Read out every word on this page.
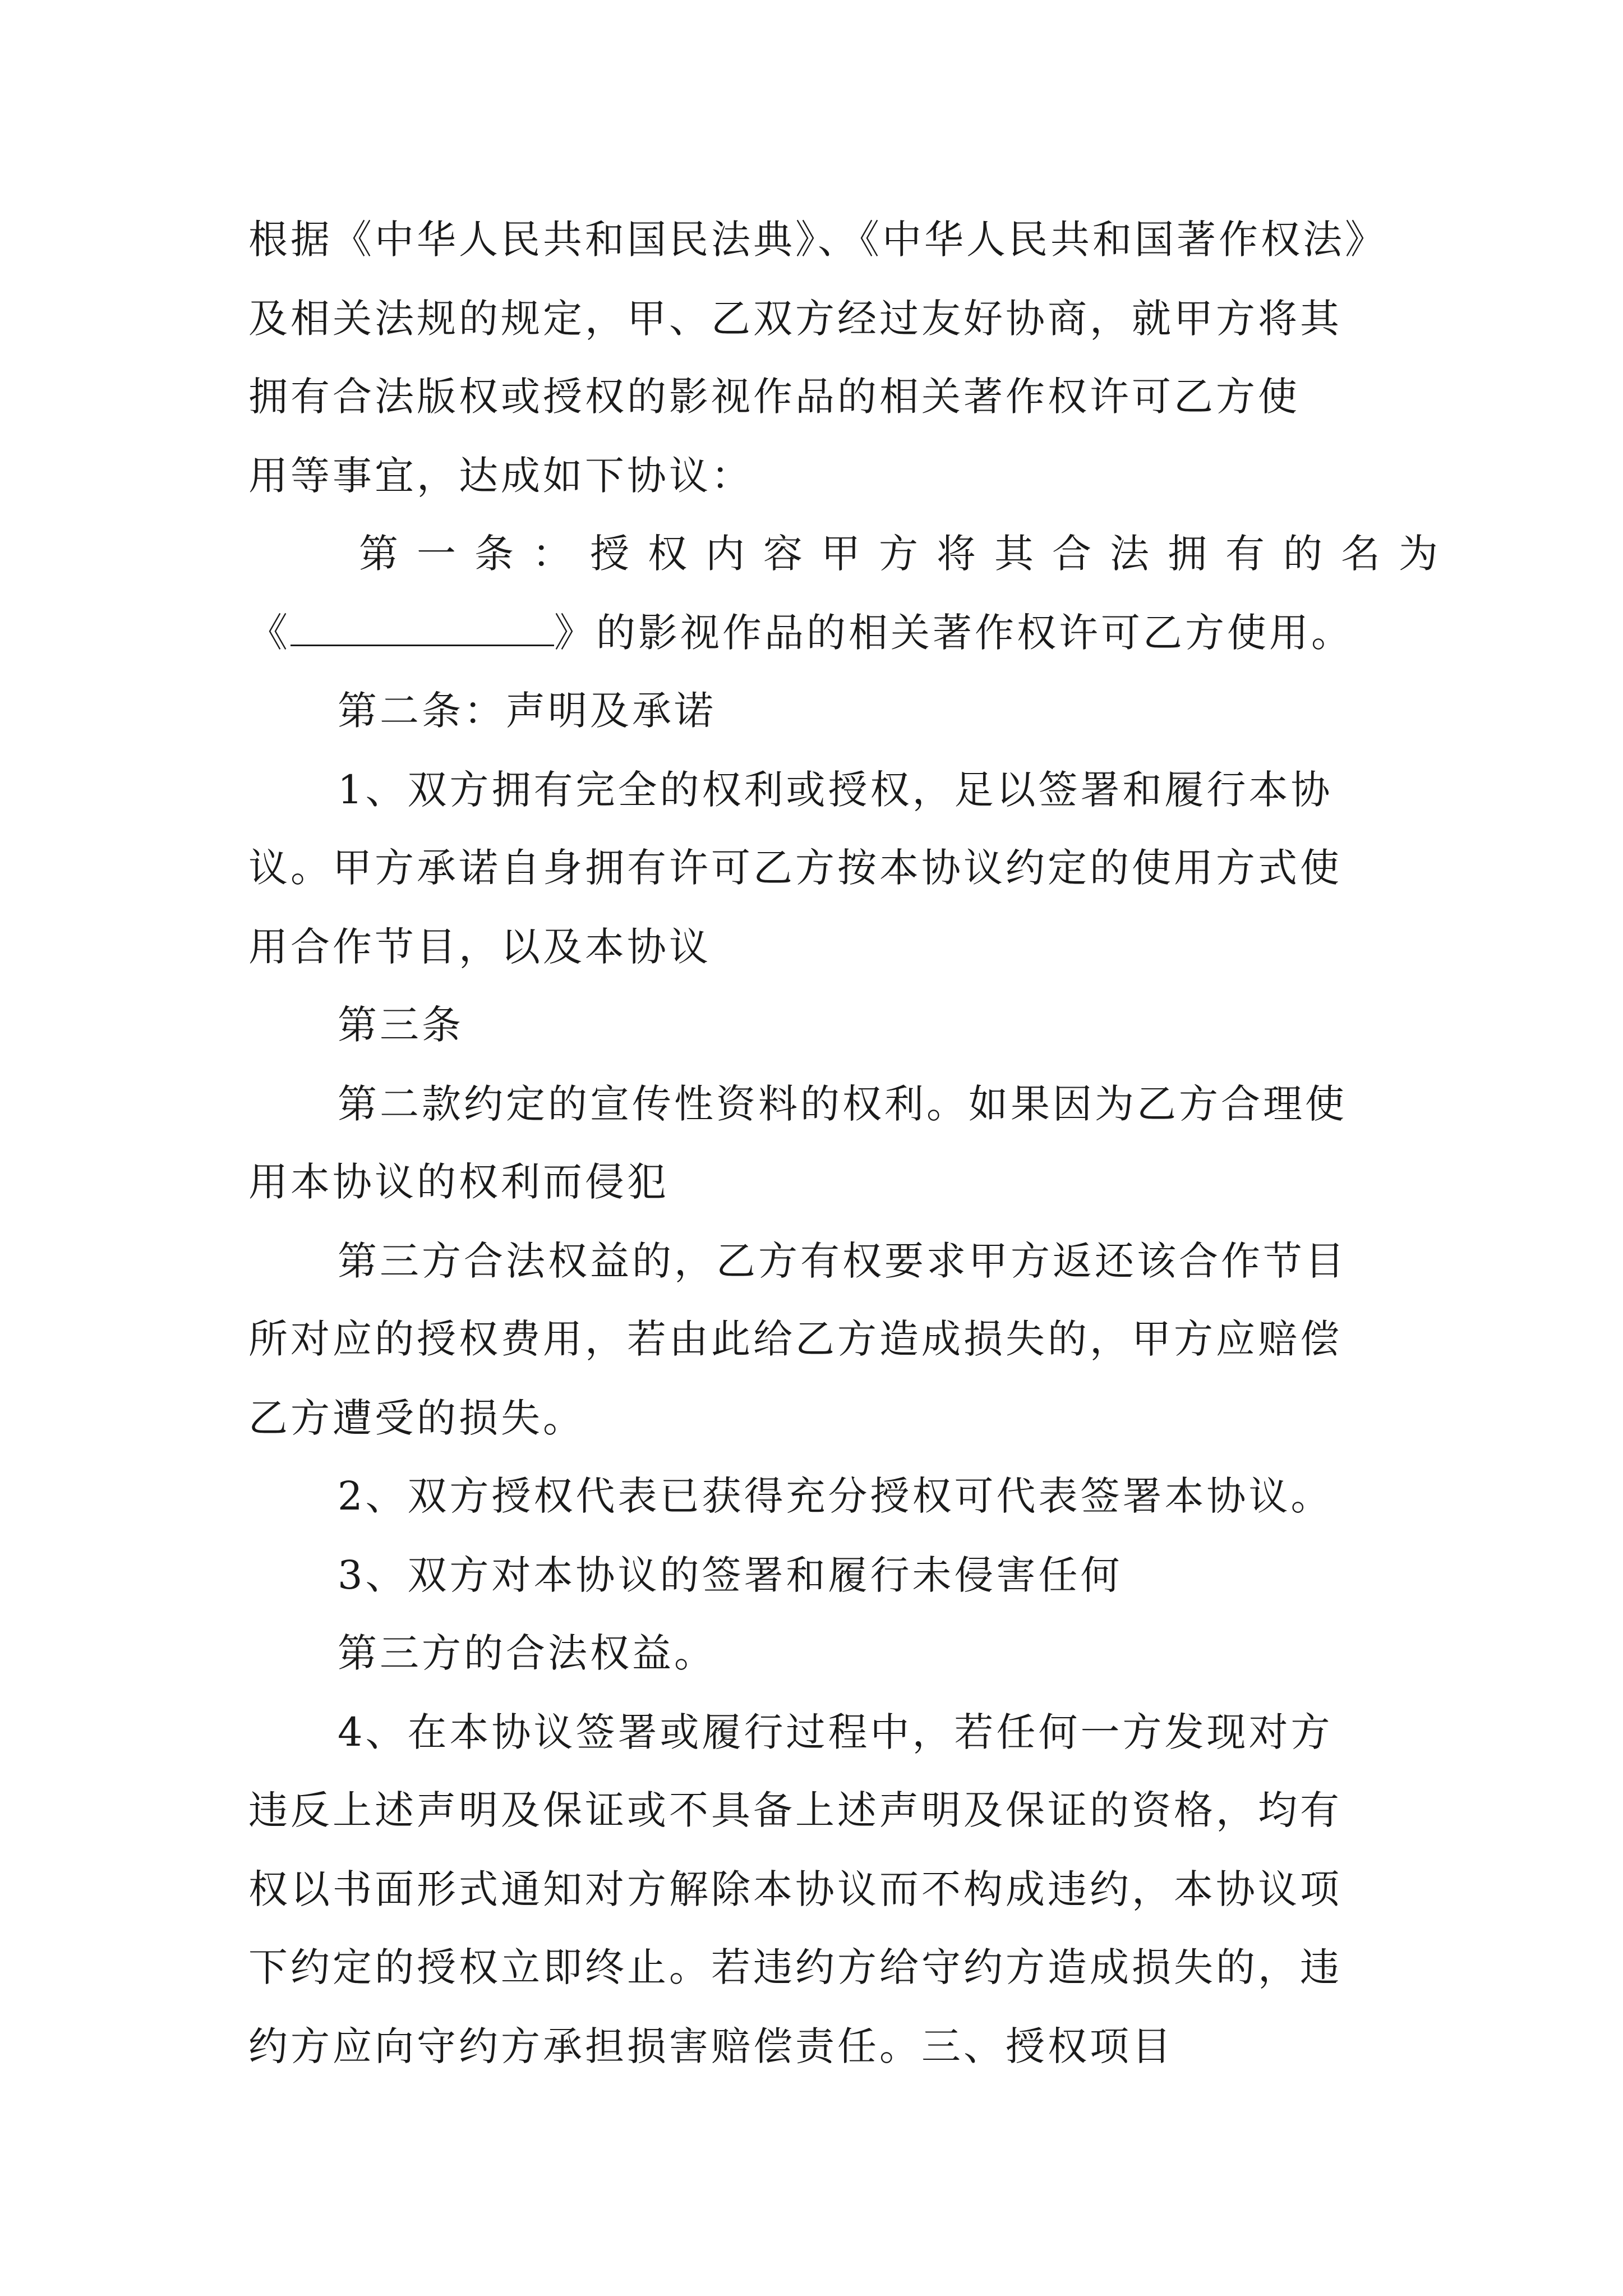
根据《中华人民共和国民法典》、《中华人民共和国著作权法》
及相关法规的规定，甲、乙双方经过友好协商，就甲方将其
拥有合法版权或授权的影视作品的相关著作权许可乙方使
用等事宜，达成如下协议：
第一条：授权内容甲方将其合法拥有的名为
《	》的影视作品的相关著作权许可乙方使用。
第二条：声明及承诺
1、双方拥有完全的权利或授权，足以签署和履行本协
议。甲方承诺自身拥有许可乙方按本协议约定的使用方式使
用合作节目，以及本协议
第三条
第二款约定的宣传性资料的权利。如果因为乙方合理使
用本协议的权利而侵犯
第三方合法权益的，乙方有权要求甲方返还该合作节目
所对应的授权费用，若由此给乙方造成损失的，甲方应赔偿
乙方遭受的损失。
2、双方授权代表已获得充分授权可代表签署本协议。
3、双方对本协议的签署和履行未侵害任何
第三方的合法权益。
4、在本协议签署或履行过程中，若任何一方发现对方
违反上述声明及保证或不具备上述声明及保证的资格，均有
权以书面形式通知对方解除本协议而不构成违约，本协议项
下约定的授权立即终止。若违约方给守约方造成损失的，违
约方应向守约方承担损害赔偿责任。三、授权项目
